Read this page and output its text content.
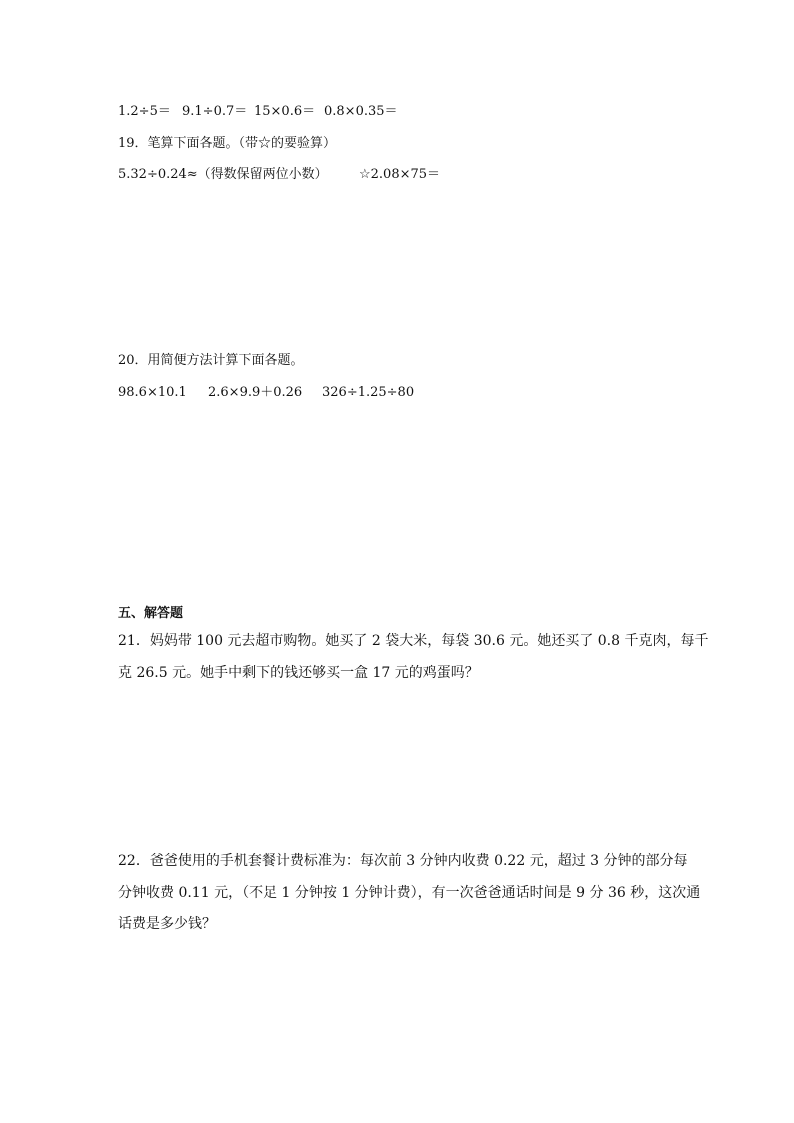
1.2÷5＝

9.1÷0.7＝

15×0.6＝

0.8×0.35＝

19．笔算下面各题。（带☆的要验算）

5.32÷0.24≈（得数保留两位小数）

☆2.08×75＝

20．用简便方法计算下面各题。

98.6×10.1

2.6×9.9＋0.26

326÷1.25÷80

五、解答题
21．妈妈带 100 元去超市购物。她买了 2 袋大米，每袋 30.6 元。她还买了 0.8 千克肉，每千
克 26.5 元。她手中剩下的钱还够买一盒 17 元的鸡蛋吗？
22．爸爸使用的手机套餐计费标准为：每次前 3 分钟内收费 0.22 元，超过 3 分钟的部分每
分钟收费 0.11 元，（不足 1 分钟按 1 分钟计费），有一次爸爸通话时间是 9 分 36 秒，这次通
话费是多少钱？
